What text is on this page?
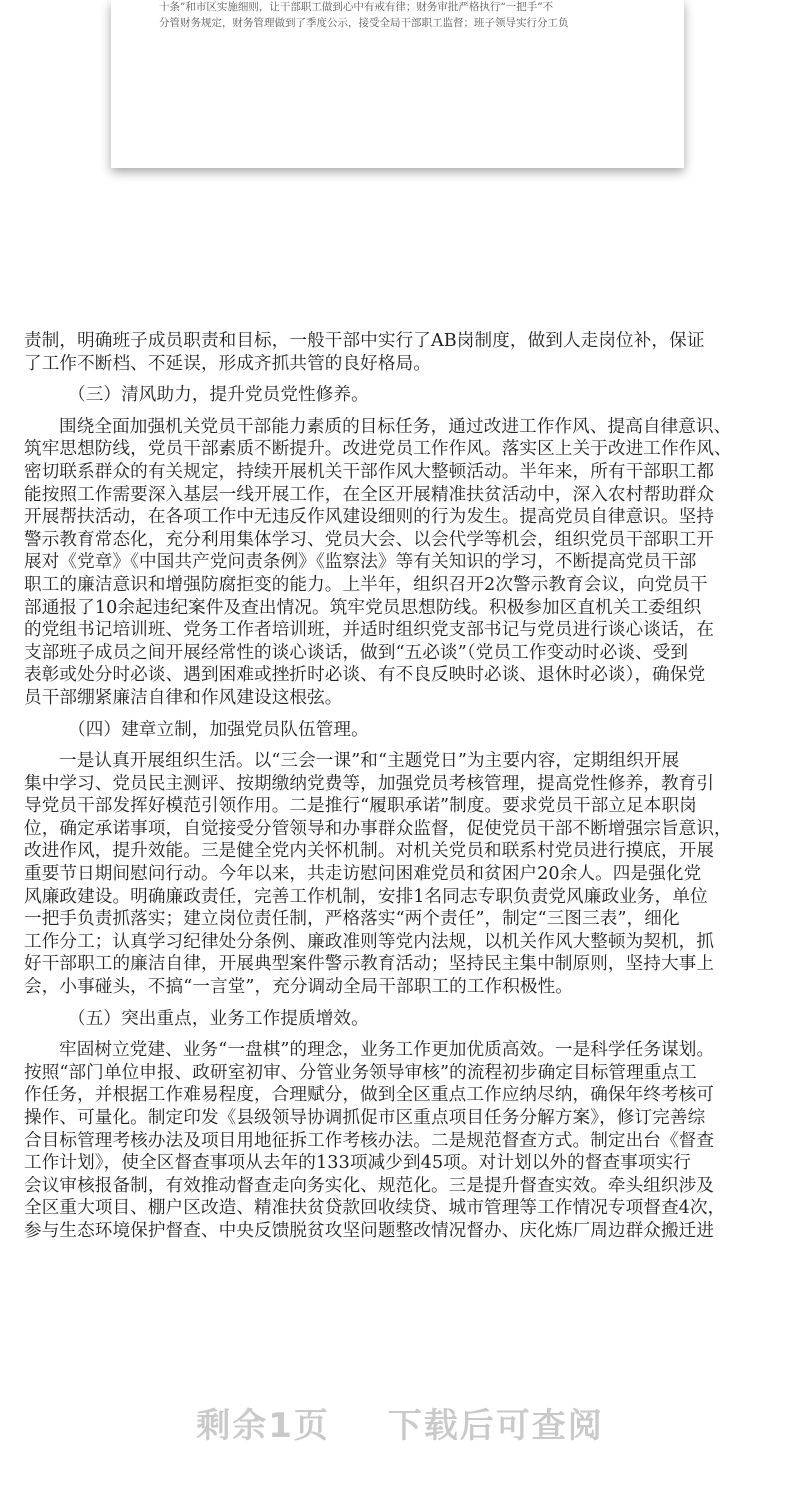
十条”和市区实施细则，让干部职工做到心中有戒有律；财务审批严格执行“一把手”不
分管财务规定，财务管理做到了季度公示，接受全局干部职工监督；班子领导实行分工负
责制，明确班子成员职责和目标，一般干部中实行了AB岗制度，做到人走岗位补，保证
了工作不断档、不延误，形成齐抓共管的良好格局。
（三）清风助力，提升党员党性修养。
围绕全面加强机关党员干部能力素质的目标任务，通过改进工作作风、提高自律意识、
筑牢思想防线，党员干部素质不断提升。改进党员工作作风。落实区上关于改进工作作风、
密切联系群众的有关规定，持续开展机关干部作风大整顿活动。半年来，所有干部职工都
能按照工作需要深入基层一线开展工作，在全区开展精准扶贫活动中，深入农村帮助群众
开展帮扶活动，在各项工作中无违反作风建设细则的行为发生。提高党员自律意识。坚持
警示教育常态化，充分利用集体学习、党员大会、以会代学等机会，组织党员干部职工开
展对《党章》《中国共产党问责条例》《监察法》等有关知识的学习，不断提高党员干部
职工的廉洁意识和增强防腐拒变的能力。上半年，组织召开2次警示教育会议，向党员干
部通报了10余起违纪案件及查出情况。筑牢党员思想防线。积极参加区直机关工委组织
的党组书记培训班、党务工作者培训班，并适时组织党支部书记与党员进行谈心谈话，在
支部班子成员之间开展经常性的谈心谈话，做到“五必谈”（党员工作变动时必谈、受到
表彰或处分时必谈、遇到困难或挫折时必谈、有不良反映时必谈、退休时必谈），确保党
员干部绷紧廉洁自律和作风建设这根弦。
（四）建章立制，加强党员队伍管理。
一是认真开展组织生活。以“三会一课”和“主题党日”为主要内容，定期组织开展
集中学习、党员民主测评、按期缴纳党费等，加强党员考核管理，提高党性修养，教育引
导党员干部发挥好模范引领作用。二是推行“履职承诺”制度。要求党员干部立足本职岗
位，确定承诺事项，自觉接受分管领导和办事群众监督，促使党员干部不断增强宗旨意识，
改进作风，提升效能。三是健全党内关怀机制。对机关党员和联系村党员进行摸底，开展
重要节日期间慰问行动。今年以来，共走访慰问困难党员和贫困户20余人。四是强化党
风廉政建设。明确廉政责任，完善工作机制，安排1名同志专职负责党风廉政业务，单位
一把手负责抓落实；建立岗位责任制，严格落实“两个责任”，制定“三图三表”，细化
工作分工；认真学习纪律处分条例、廉政准则等党内法规，以机关作风大整顿为契机，抓
好干部职工的廉洁自律，开展典型案件警示教育活动；坚持民主集中制原则，坚持大事上
会，小事碰头，不搞“一言堂”，充分调动全局干部职工的工作积极性。
（五）突出重点，业务工作提质增效。
牢固树立党建、业务“一盘棋”的理念，业务工作更加优质高效。一是科学任务谋划。
按照“部门单位申报、政研室初审、分管业务领导审核”的流程初步确定目标管理重点工
作任务，并根据工作难易程度，合理赋分，做到全区重点工作应纳尽纳，确保年终考核可
操作、可量化。制定印发《县级领导协调抓促市区重点项目任务分解方案》，修订完善综
合目标管理考核办法及项目用地征拆工作考核办法。二是规范督查方式。制定出台《督查
工作计划》，使全区督查事项从去年的133项减少到45项。对计划以外的督查事项实行
会议审核报备制，有效推动督查走向务实化、规范化。三是提升督查实效。牵头组织涉及
全区重大项目、棚户区改造、精准扶贫贷款回收续贷、城市管理等工作情况专项督查4次，
参与生态环境保护督查、中央反馈脱贫攻坚问题整改情况督办、庆化炼厂周边群众搬迁进
剩余1页 下载后可查阅
